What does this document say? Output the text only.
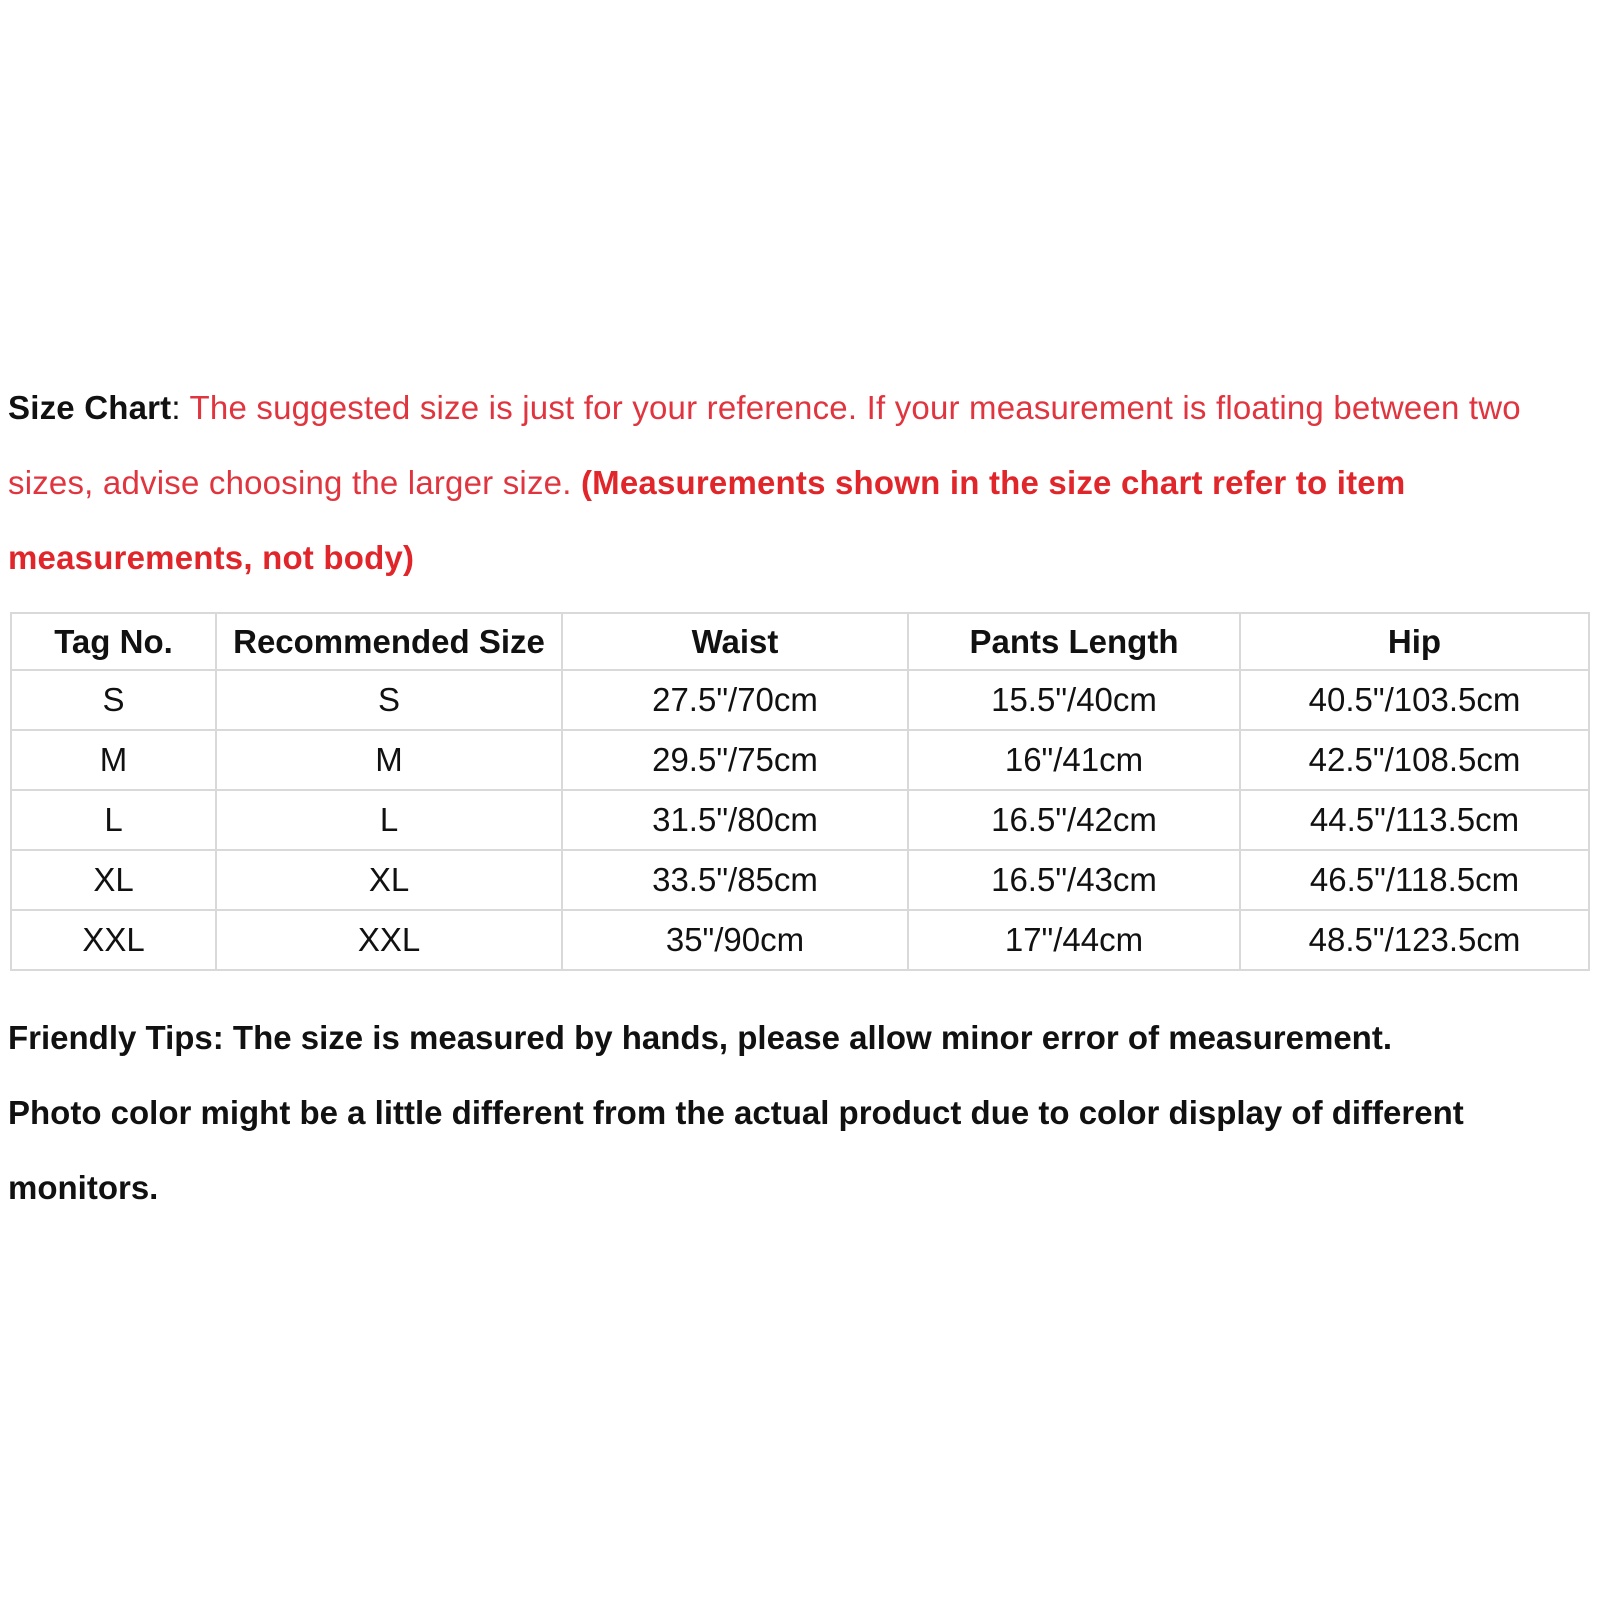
Size Chart: The suggested size is just for your reference. If your measurement is floating between two sizes, advise choosing the larger size. (Measurements shown in the size chart refer to item measurements, not body)
Tag No.	Recommended Size	Waist	Pants Length	Hip
S	S	27.5"/70cm	15.5"/40cm	40.5"/103.5cm
M	M	29.5"/75cm	16"/41cm	42.5"/108.5cm
L	L	31.5"/80cm	16.5"/42cm	44.5"/113.5cm
XL	XL	33.5"/85cm	16.5"/43cm	46.5"/118.5cm
XXL	XXL	35"/90cm	17"/44cm	48.5"/123.5cm
Friendly Tips: The size is measured by hands, please allow minor error of measurement.
Photo color might be a little different from the actual product due to color display of different monitors.
